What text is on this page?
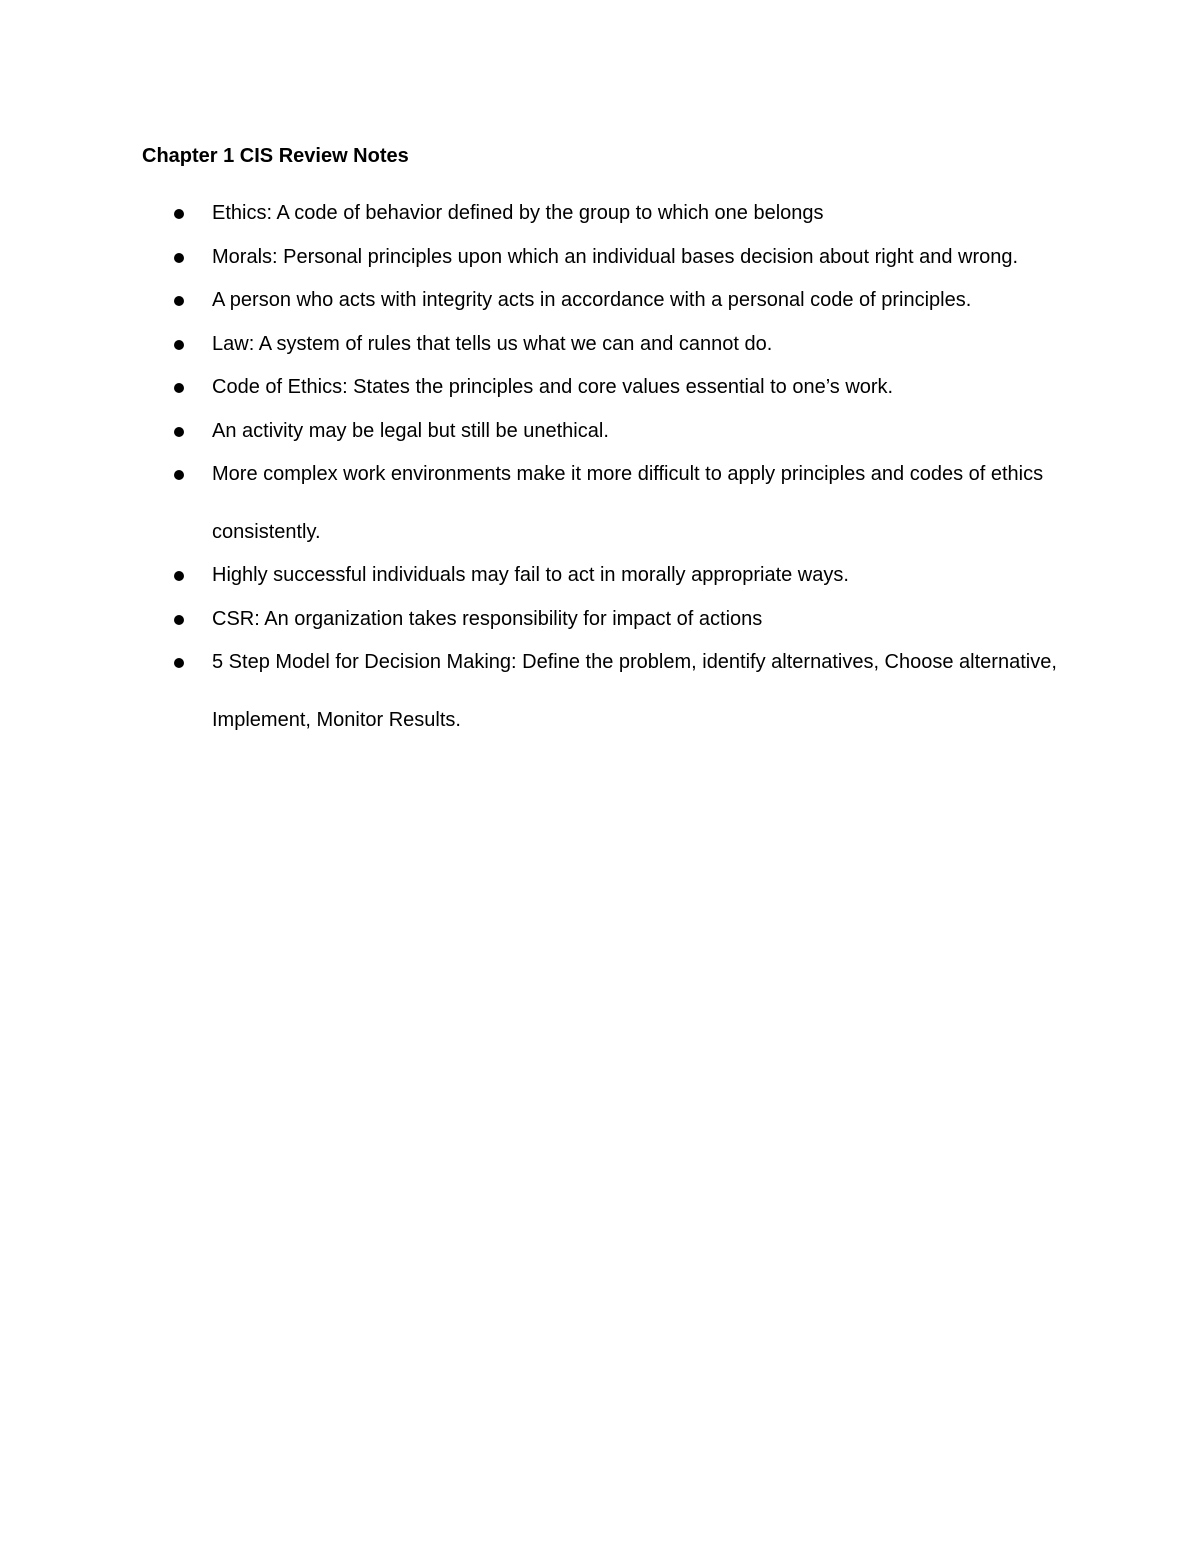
Chapter 1 CIS Review Notes
Ethics: A code of behavior defined by the group to which one belongs
Morals: Personal principles upon which an individual bases decision about right and wrong.
A person who acts with integrity acts in accordance with a personal code of principles.
Law: A system of rules that tells us what we can and cannot do.
Code of Ethics: States the principles and core values essential to one’s work.
An activity may be legal but still be unethical.
More complex work environments make it more difficult to apply principles and codes of ethics consistently.
Highly successful individuals may fail to act in morally appropriate ways.
CSR: An organization takes responsibility for impact of actions
5 Step Model for Decision Making: Define the problem, identify alternatives, Choose alternative, Implement, Monitor Results.
